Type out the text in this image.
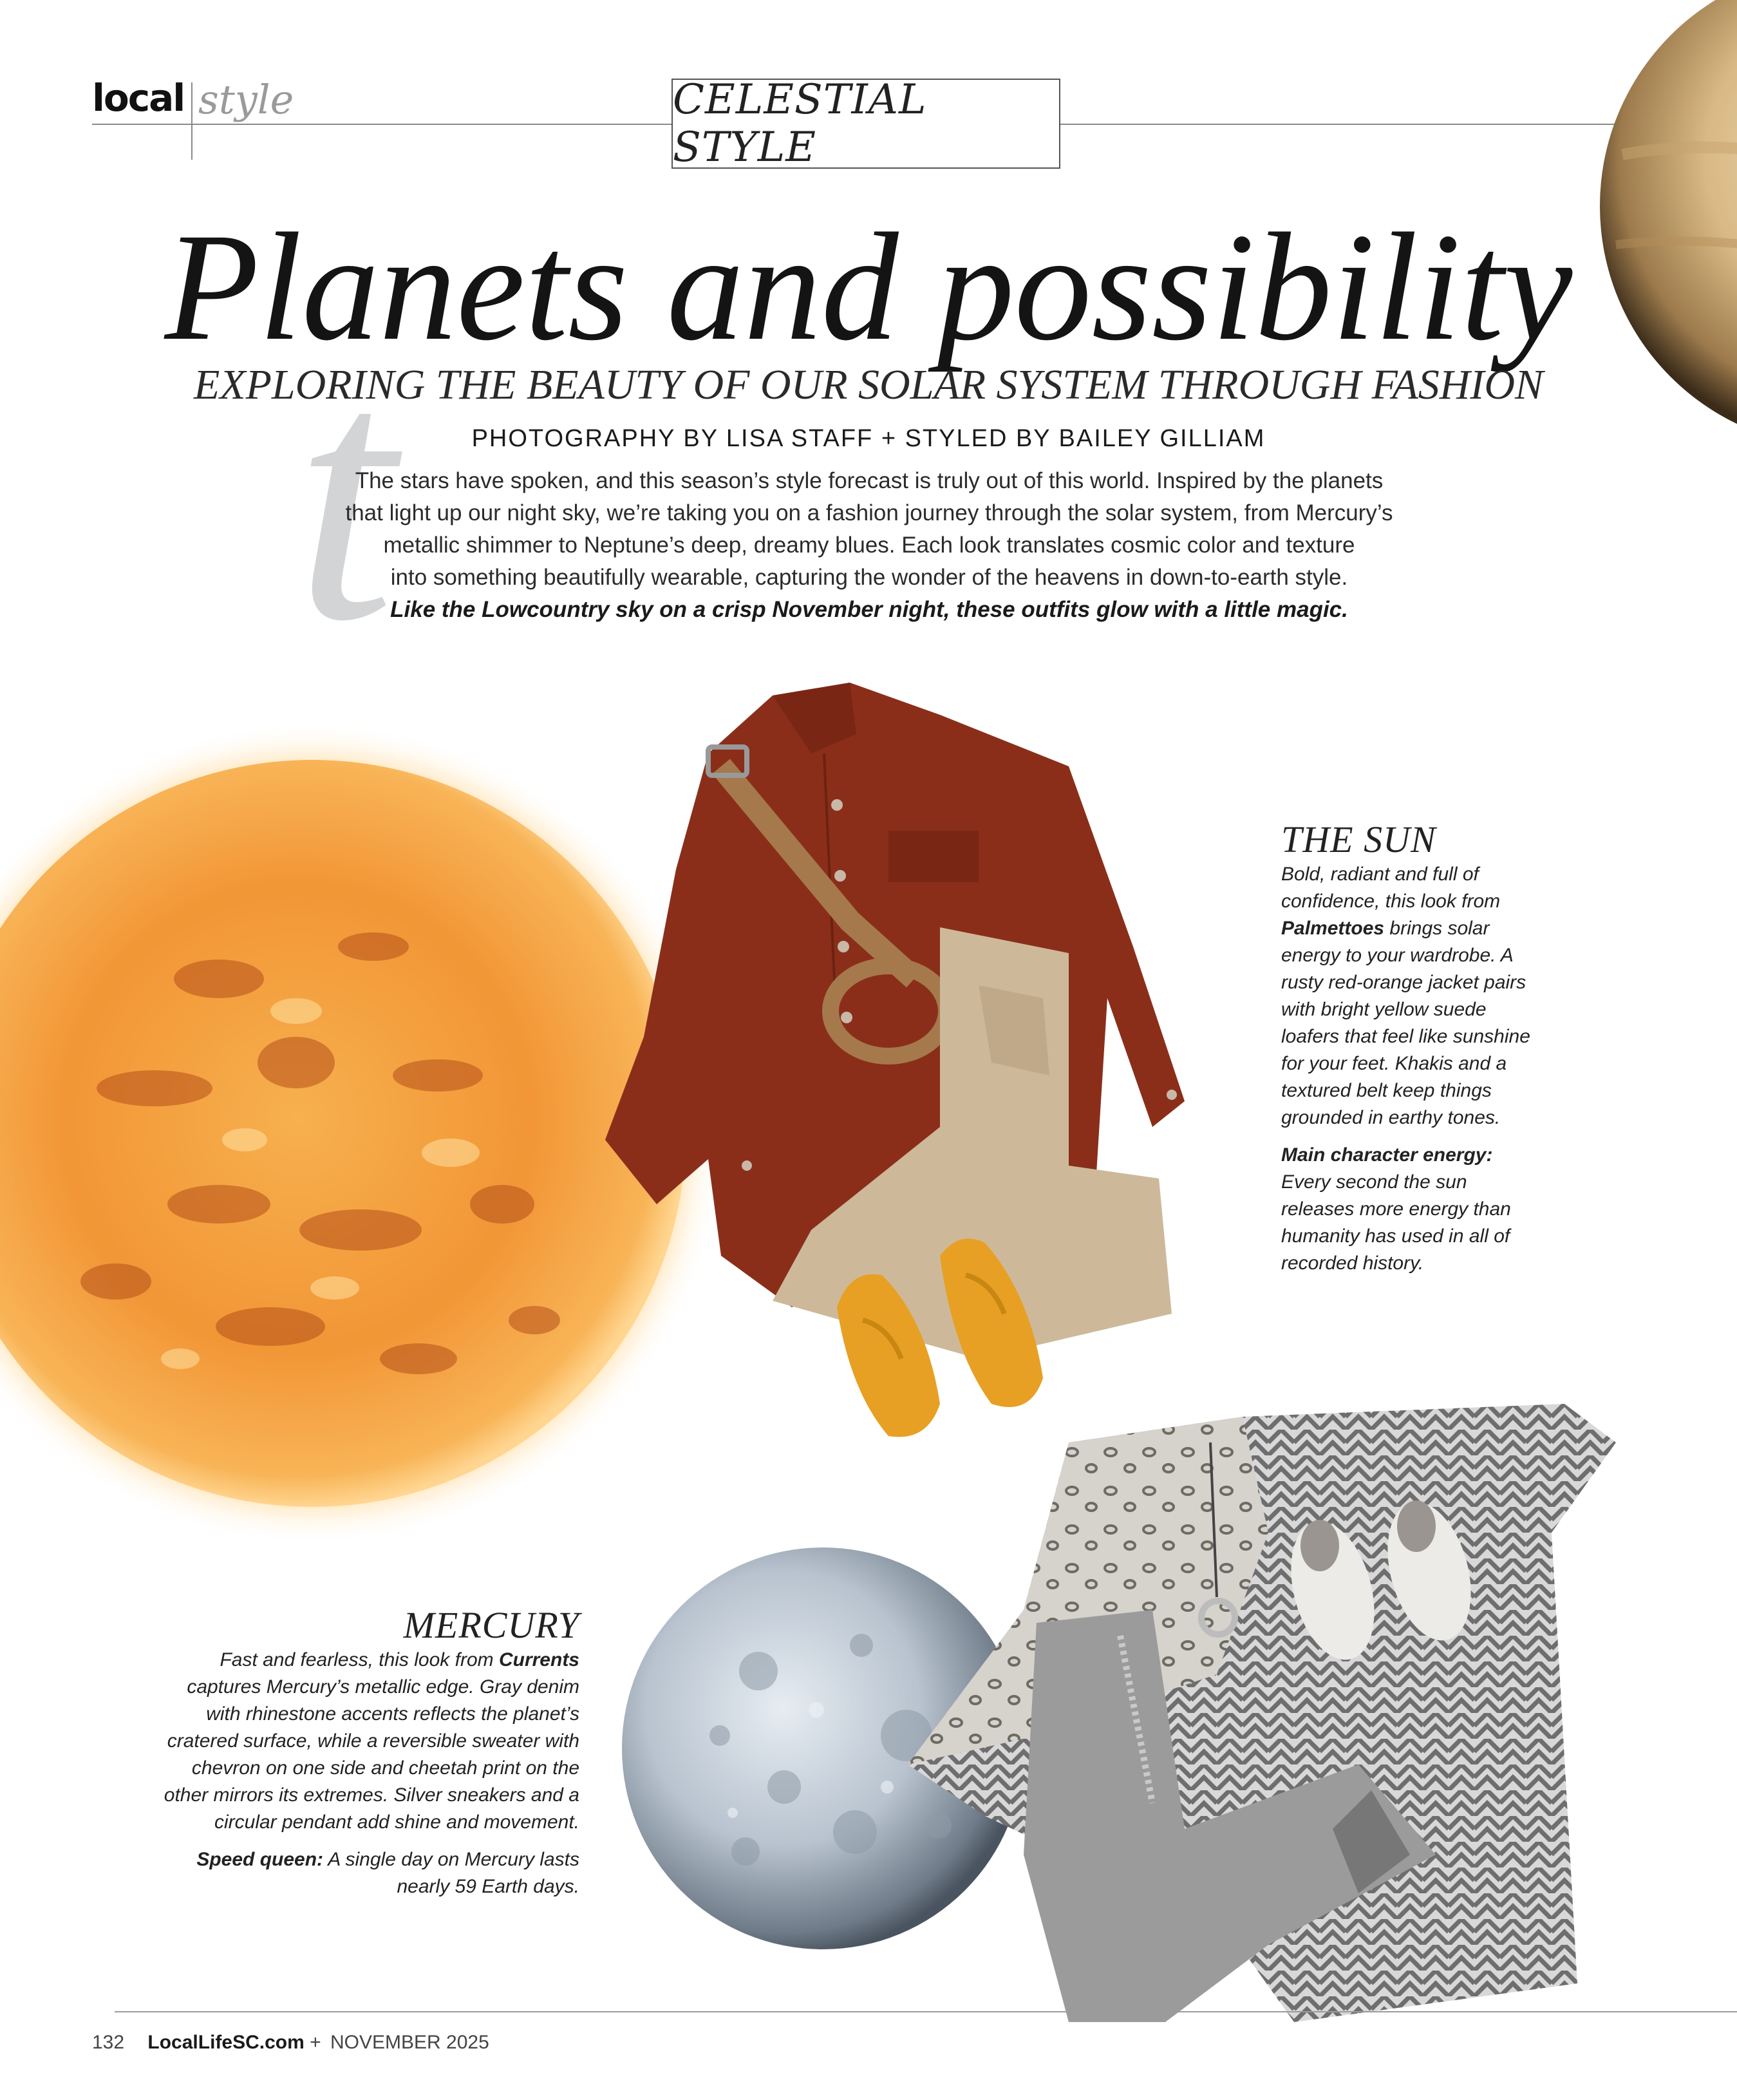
local style	CELESTIAL STYLE
t
Planets and possibility
EXPLORING THE BEAUTY OF OUR SOLAR SYSTEM THROUGH FASHION
PHOTOGRAPHY BY LISA STAFF + STYLED BY BAILEY GILLIAM
The stars have spoken, and this season’s style forecast is truly out of this world. Inspired by the planets
that light up our night sky, we’re taking you on a fashion journey through the solar system, from Mercury’s
metallic shimmer to Neptune’s deep, dreamy blues. Each look translates cosmic color and texture
into something beautifully wearable, capturing the wonder of the heavens in down-to-earth style.
Like the Lowcountry sky on a crisp November night, these outfits glow with a little magic.
THE SUN
Bold, radiant and full of
confidence, this look from
Palmettoes brings solar
energy to your wardrobe. A
rusty red-orange jacket pairs
with bright yellow suede
loafers that feel like sunshine
for your feet. Khakis and a
textured belt keep things
grounded in earthy tones.
Main character energy:
Every second the sun
releases more energy than
humanity has used in all of
recorded history.
MERCURY
Fast and fearless, this look from Currents
captures Mercury’s metallic edge. Gray denim
with rhinestone accents reflects the planet’s
cratered surface, while a reversible sweater with
chevron on one side and cheetah print on the
other mirrors its extremes. Silver sneakers and a
circular pendant add shine and movement.
Speed queen: A single day on Mercury lasts
nearly 59 Earth days.
132 LocalLifeSC.com + NOVEMBER 2025
